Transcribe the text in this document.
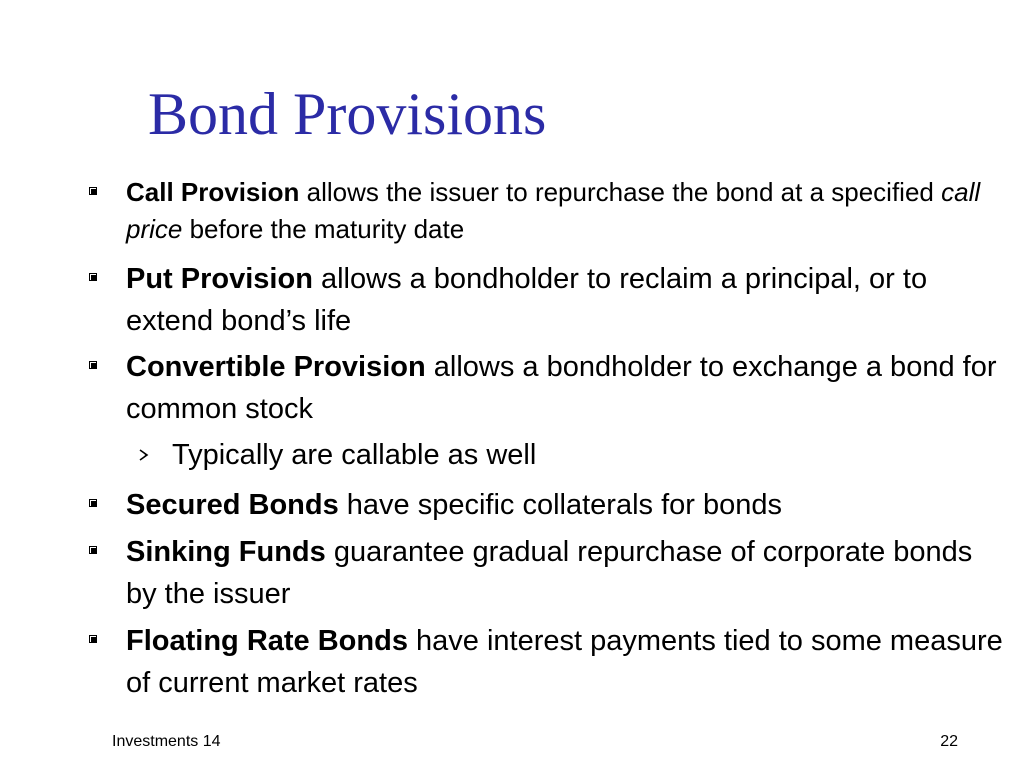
Bond Provisions
Call Provision allows the issuer to repurchase the bond at a specified call price before the maturity date
Put Provision allows a bondholder to reclaim a principal, or to extend bond’s life
Convertible Provision allows a bondholder to exchange a bond for common stock
Typically are callable as well
Secured Bonds have specific collaterals for bonds
Sinking Funds guarantee gradual repurchase of corporate bonds by the issuer
Floating Rate Bonds have interest payments tied to some measure of current market rates
Investments 14	22
